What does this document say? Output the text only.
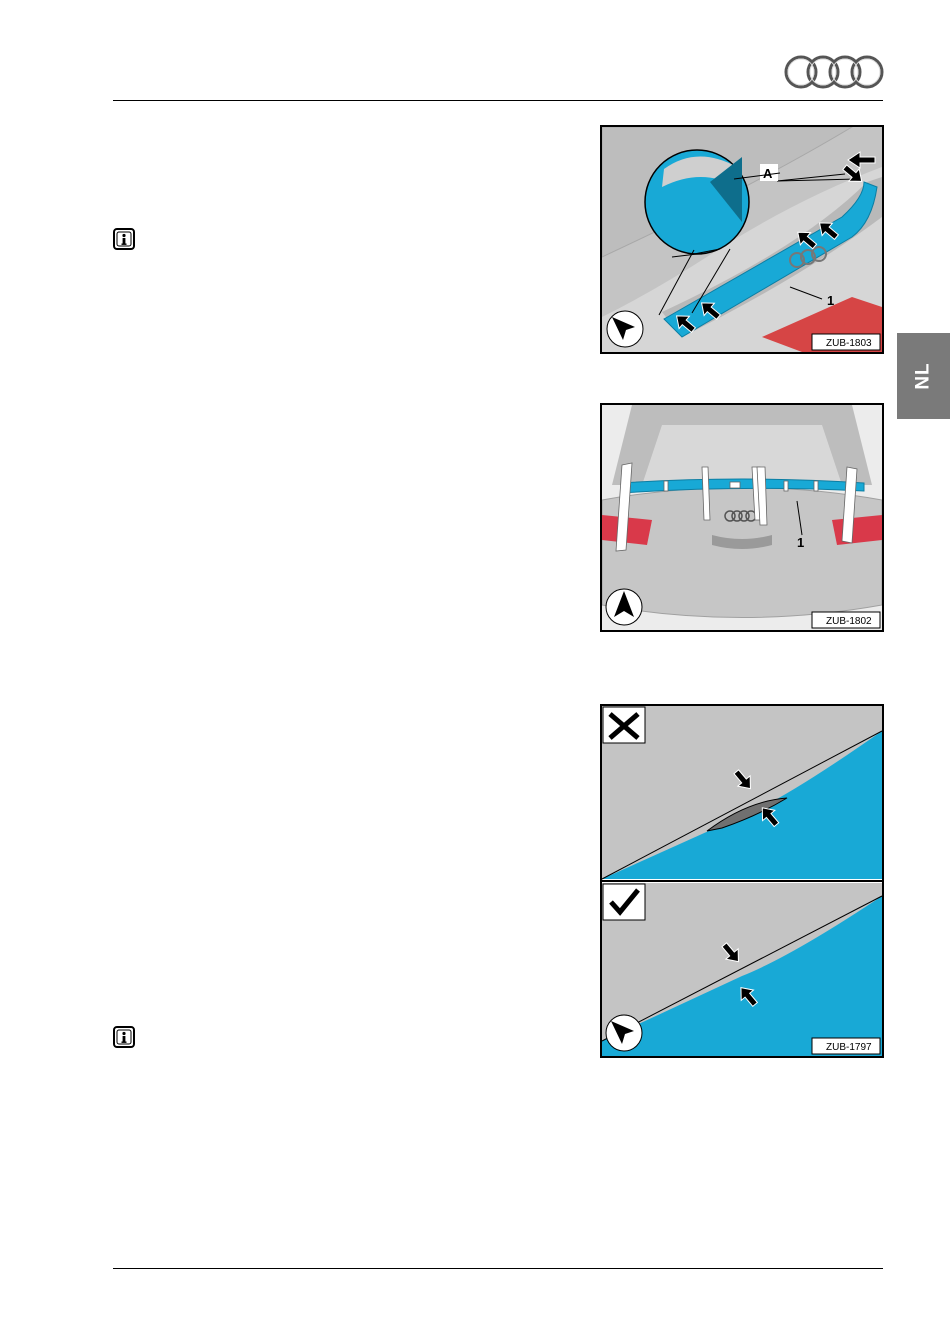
NL
A
1
ZUB-1803
1
ZUB-1802
ZUB-1797
